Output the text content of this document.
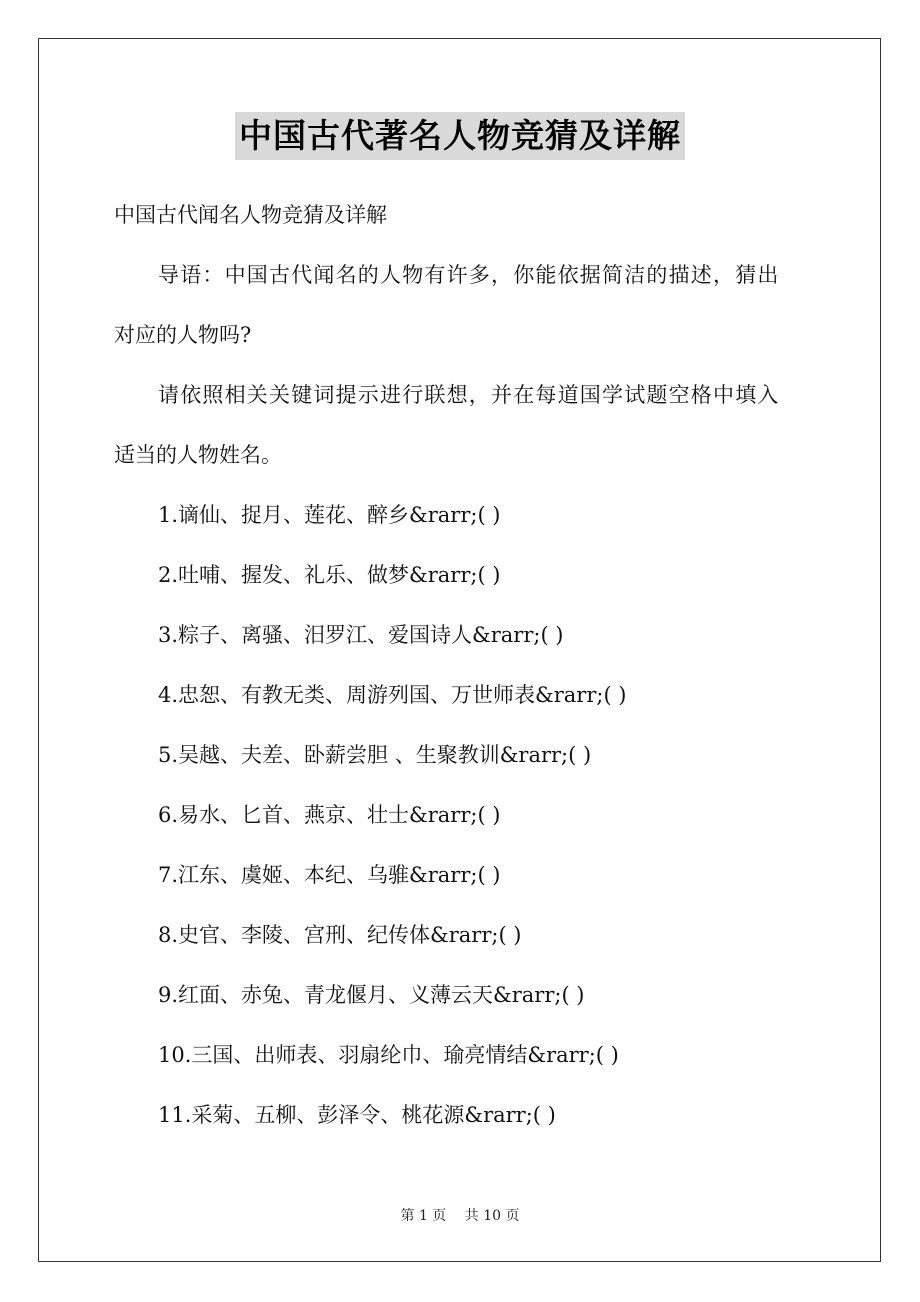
中国古代著名人物竞猜及详解
中国古代闻名人物竞猜及详解
导语：中国古代闻名的人物有许多，你能依据简洁的描述，猜出
对应的人物吗?
请依照相关关键词提示进行联想，并在每道国学试题空格中填入
适当的人物姓名。
1.谪仙、捉月、莲花、醉乡&rarr;( )
2.吐哺、握发、礼乐、做梦&rarr;( )
3.粽子、离骚、汨罗江、爱国诗人&rarr;( )
4.忠恕、有教无类、周游列国、万世师表&rarr;( )
5.吴越、夫差、卧薪尝胆 、生聚教训&rarr;( )
6.易水、匕首、燕京、壮士&rarr;( )
7.江东、虞姬、本纪、乌骓&rarr;( )
8.史官、李陵、宫刑、纪传体&rarr;( )
9.红面、赤兔、青龙偃月、义薄云天&rarr;( )
10.三国、出师表、羽扇纶巾、瑜亮情结&rarr;( )
11.采菊、五柳、彭泽令、桃花源&rarr;( )
第 1 页 共 10 页
